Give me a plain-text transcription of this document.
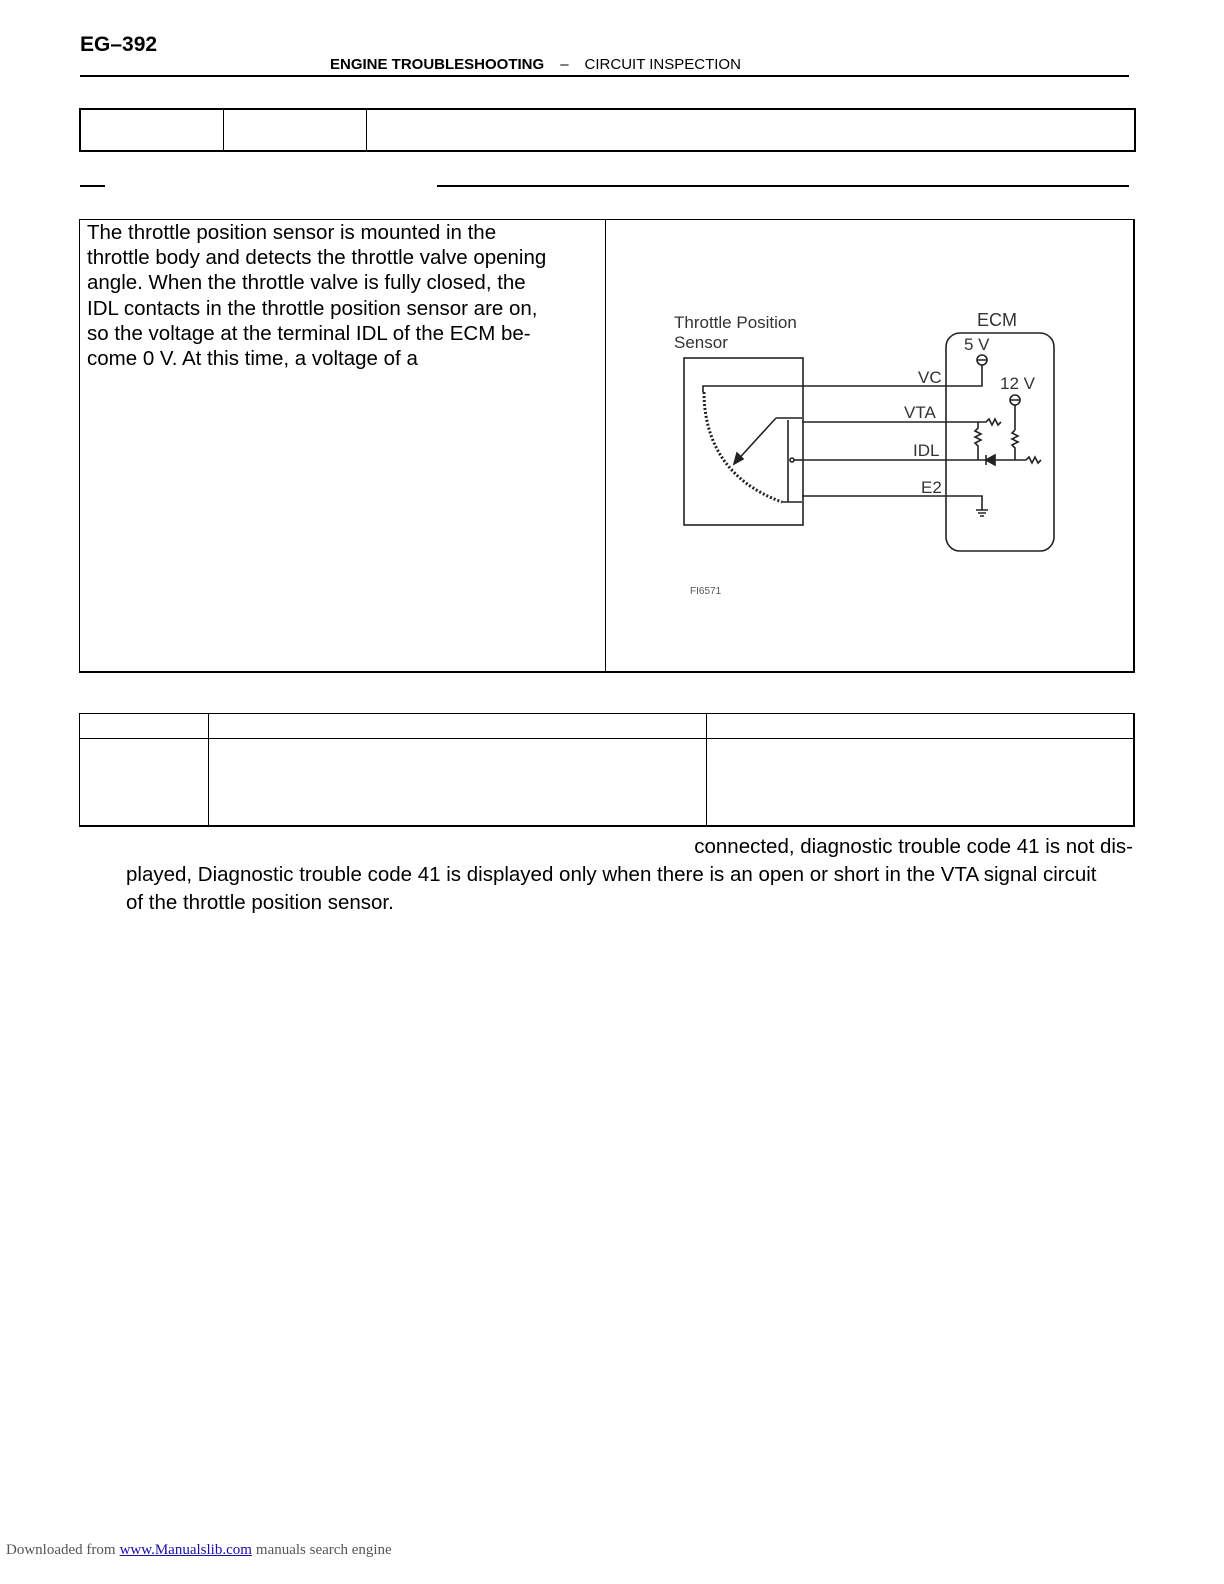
EG–392
ENGINE TROUBLESHOOTING – CIRCUIT INSPECTION
The throttle position sensor is mounted in the
throttle body and detects the throttle valve opening
angle. When the throttle valve is fully closed, the
IDL contacts in the throttle position sensor are on,
so the voltage at the terminal IDL of the ECM be-
come 0 V. At this time, a voltage of a
Throttle Position
Sensor
ECM
VC
VTA
IDL
E2
5 V
12 V
FI6571
connected, diagnostic trouble code 41 is not dis-
played, Diagnostic trouble code 41 is displayed only when there is an open or short in the VTA signal circuit
of the throttle position sensor.
Downloaded from www.Manualslib.com manuals search engine
